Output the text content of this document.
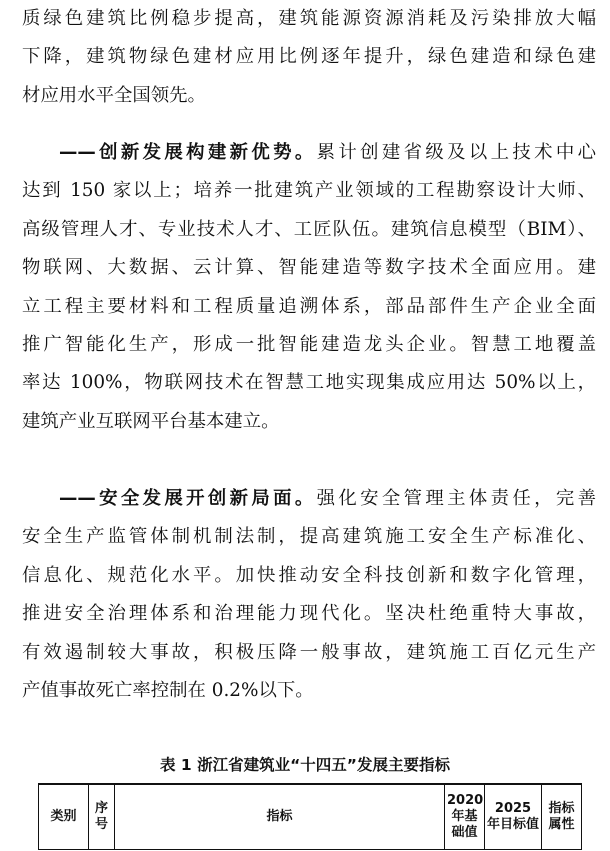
质绿色建筑比例稳步提高，建筑能源资源消耗及污染排放大幅
下降，建筑物绿色建材应用比例逐年提升，绿色建造和绿色建
材应用水平全国领先。
——创新发展构建新优势。累计创建省级及以上技术中心
达到 150 家以上；培养一批建筑产业领域的工程勘察设计大师、
高级管理人才、专业技术人才、工匠队伍。建筑信息模型（BIM）、
物联网、大数据、云计算、智能建造等数字技术全面应用。建
立工程主要材料和工程质量追溯体系，部品部件生产企业全面
推广智能化生产，形成一批智能建造龙头企业。智慧工地覆盖
率达 100%，物联网技术在智慧工地实现集成应用达 50%以上，
建筑产业互联网平台基本建立。
——安全发展开创新局面。强化安全管理主体责任，完善
安全生产监管体制机制法制，提高建筑施工安全生产标准化、
信息化、规范化水平。加快推动安全科技创新和数字化管理，
推进安全治理体系和治理能力现代化。坚决杜绝重特大事故，
有效遏制较大事故，积极压降一般事故，建筑施工百亿元生产
产值事故死亡率控制在 0.2%以下。
表 1 浙江省建筑业“十四五”发展主要指标
类别	序号	指标	2020年基础值	2025 年目标值	指标属性
